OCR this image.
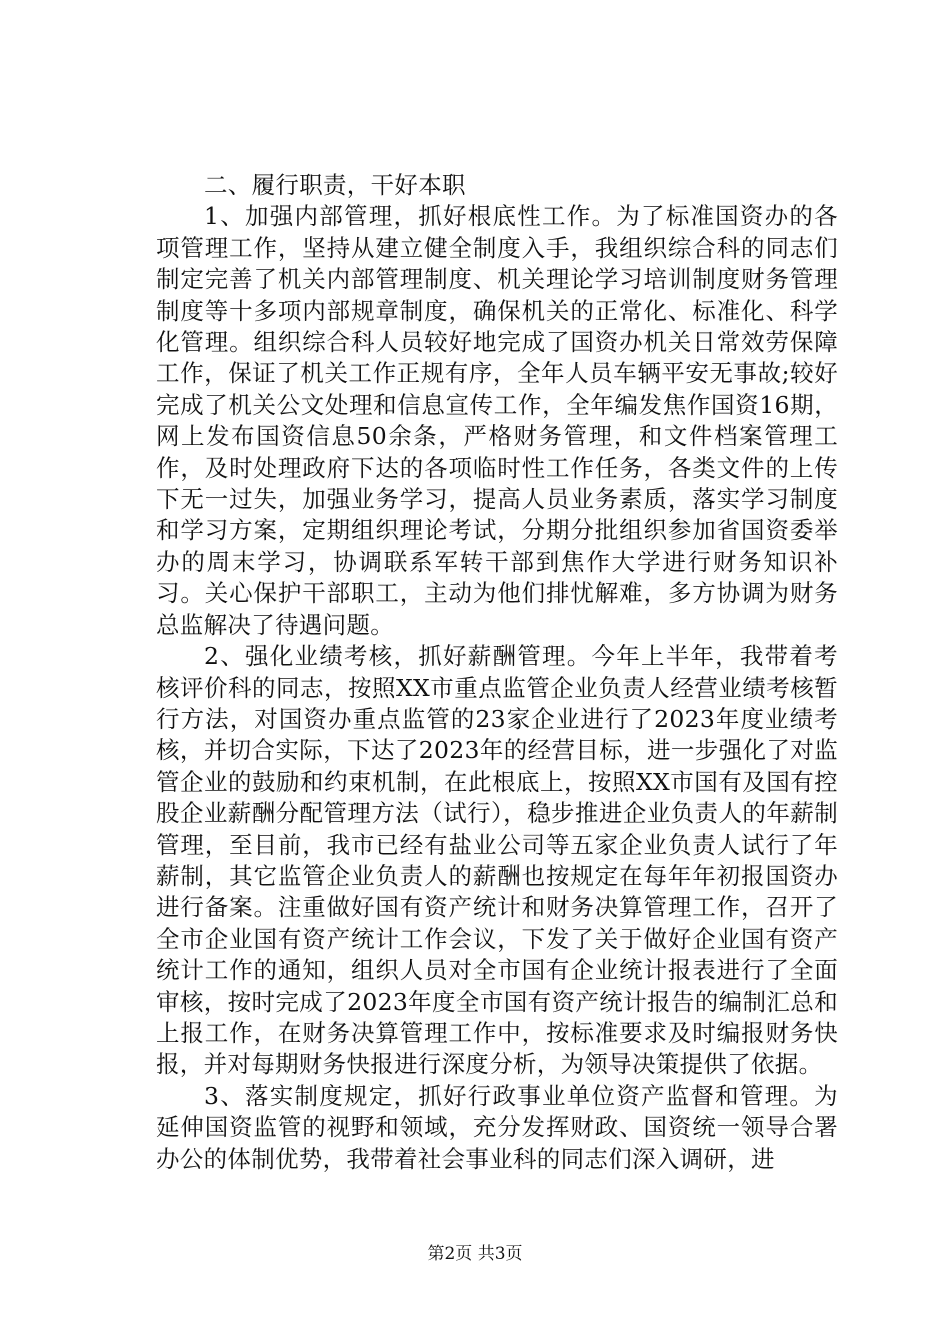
二、履行职责，干好本职

1、加强内部管理，抓好根底性工作。为了标准国资办的各项管理工作，坚持从建立健全制度入手，我组织综合科的同志们制定完善了机关内部管理制度、机关理论学习培训制度财务管理制度等十多项内部规章制度，确保机关的正常化、标准化、科学化管理。组织综合科人员较好地完成了国资办机关日常效劳保障工作，保证了机关工作正规有序，全年人员车辆平安无事故;较好完成了机关公文处理和信息宣传工作，全年编发焦作国资16期，网上发布国资信息50余条，严格财务管理，和文件档案管理工作，及时处理政府下达的各项临时性工作任务，各类文件的上传下无一过失，加强业务学习，提高人员业务素质，落实学习制度和学习方案，定期组织理论考试，分期分批组织参加省国资委举办的周末学习，协调联系军转干部到焦作大学进行财务知识补习。关心保护干部职工，主动为他们排忧解难，多方协调为财务总监解决了待遇问题。

2、强化业绩考核，抓好薪酬管理。今年上半年，我带着考核评价科的同志，按照XX市重点监管企业负责人经营业绩考核暂行方法，对国资办重点监管的23家企业进行了2023年度业绩考核，并切合实际，下达了2023年的经营目标，进一步强化了对监管企业的鼓励和约束机制，在此根底上，按照XX市国有及国有控股企业薪酬分配管理方法（试行），稳步推进企业负责人的年薪制管理，至目前，我市已经有盐业公司等五家企业负责人试行了年薪制，其它监管企业负责人的薪酬也按规定在每年年初报国资办进行备案。注重做好国有资产统计和财务决算管理工作，召开了全市企业国有资产统计工作会议，下发了关于做好企业国有资产统计工作的通知，组织人员对全市国有企业统计报表进行了全面审核，按时完成了2023年度全市国有资产统计报告的编制汇总和上报工作，在财务决算管理工作中，按标准要求及时编报财务快报，并对每期财务快报进行深度分析，为领导决策提供了依据。

3、落实制度规定，抓好行政事业单位资产监督和管理。为延伸国资监管的视野和领域，充分发挥财政、国资统一领导合署办公的体制优势，我带着社会事业科的同志们深入调研，进

第2页 共3页
